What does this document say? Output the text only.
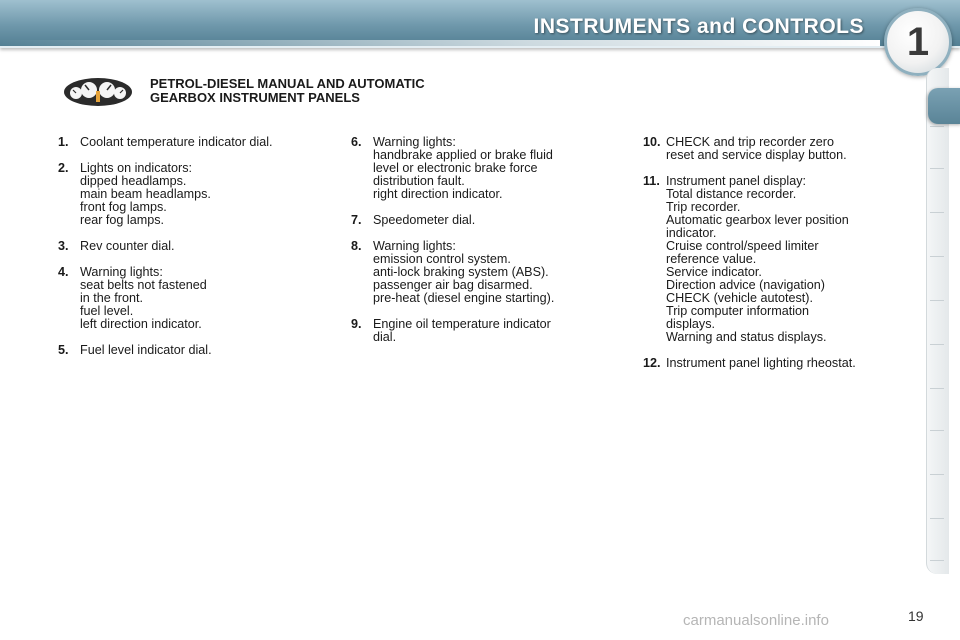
INSTRUMENTS and CONTROLS	1
PETROL-DIESEL MANUAL AND AUTOMATIC
GEARBOX INSTRUMENT PANELS
1. Coolant temperature indicator dial.
2. Lights on indicators:
dipped headlamps.
main beam headlamps.
front fog lamps.
rear fog lamps.
3. Rev counter dial.
4. Warning lights:
seat belts not fastened
in the front.
fuel level.
left direction indicator.
5. Fuel level indicator dial.
6. Warning lights:
handbrake applied or brake fluid
level or electronic brake force
distribution fault.
right direction indicator.
7. Speedometer dial.
8. Warning lights:
emission control system.
anti-lock braking system (ABS).
passenger air bag disarmed.
pre-heat (diesel engine starting).
9. Engine oil temperature indicator
dial.
10. CHECK and trip recorder zero
reset and service display button.
11. Instrument panel display:
Total distance recorder.
Trip recorder.
Automatic gearbox lever position
indicator.
Cruise control/speed limiter
reference value.
Service indicator.
Direction advice (navigation)
CHECK (vehicle autotest).
Trip computer information
displays.
Warning and status displays.
12. Instrument panel lighting rheostat.
carmanualsonline.info	19
